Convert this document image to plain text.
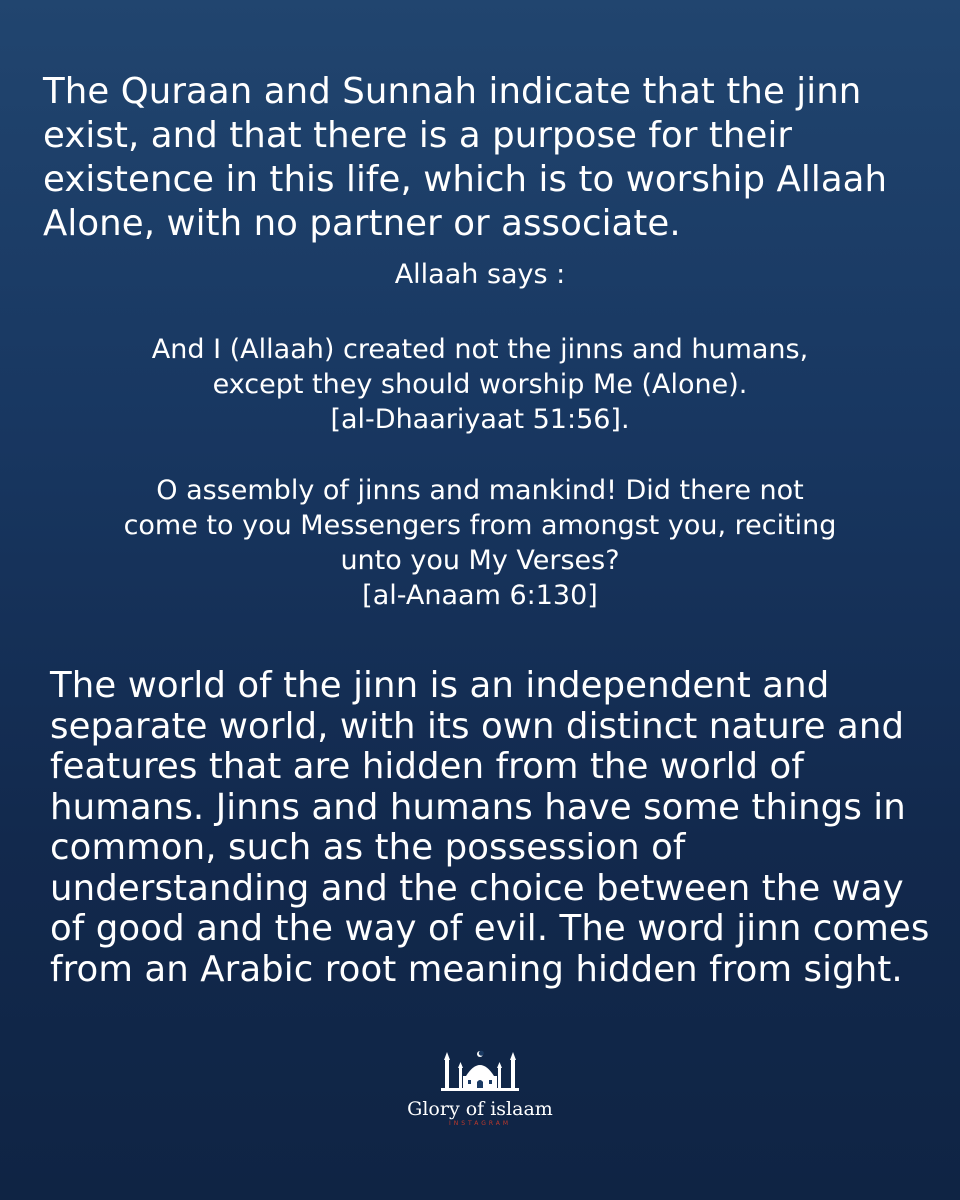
The Quraan and Sunnah indicate that the jinn
exist, and that there is a purpose for their
existence in this life, which is to worship Allaah
Alone, with no partner or associate.

Allaah says :

And I (Allaah) created not the jinns and humans,
except they should worship Me (Alone).
[al-Dhaariyaat 51:56].

O assembly of jinns and mankind! Did there not
come to you Messengers from amongst you, reciting
unto you My Verses?
[al-Anaam 6:130]

The world of the jinn is an independent and
separate world, with its own distinct nature and
features that are hidden from the world of
humans. Jinns and humans have some things in
common, such as the possession of
understanding and the choice between the way
of good and the way of evil. The word jinn comes
from an Arabic root meaning hidden from sight.

Glory of islaam
INSTAGRAM
